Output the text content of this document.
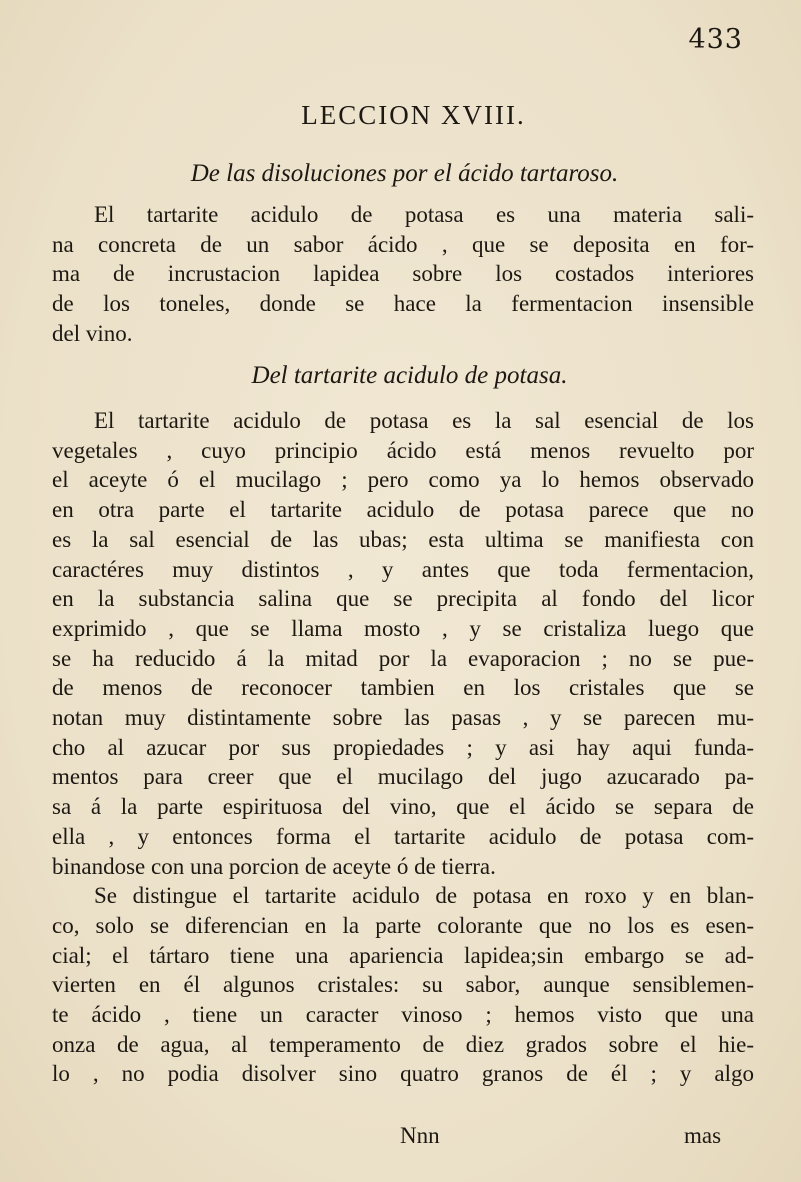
433
LECCION XVIII.
De las disoluciones por el ácido tartaroso.
El tartarite acidulo de potasa es una materia sali-
na concreta de un sabor ácido , que se deposita en for-
ma de incrustacion lapidea sobre los costados interiores
de los toneles, donde se hace la fermentacion insensible
del vino.
Del tartarite acidulo de potasa.
El tartarite acidulo de potasa es la sal esencial de los
vegetales , cuyo principio ácido está menos revuelto por
el aceyte ó el mucilago ; pero como ya lo hemos observado
en otra parte el tartarite acidulo de potasa parece que no
es la sal esencial de las ubas; esta ultima se manifiesta con
caractéres muy distintos , y antes que toda fermentacion,
en la substancia salina que se precipita al fondo del licor
exprimido , que se llama mosto , y se cristaliza luego que
se ha reducido á la mitad por la evaporacion ; no se pue-
de menos de reconocer tambien en los cristales que se
notan muy distintamente sobre las pasas , y se parecen mu-
cho al azucar por sus propiedades ; y asi hay aqui funda-
mentos para creer que el mucilago del jugo azucarado pa-
sa á la parte espirituosa del vino, que el ácido se separa de
ella , y entonces forma el tartarite acidulo de potasa com-
binandose con una porcion de aceyte ó de tierra.
Se distingue el tartarite acidulo de potasa en roxo y en blan-
co, solo se diferencian en la parte colorante que no los es esen-
cial; el tártaro tiene una apariencia lapidea;sin embargo se ad-
vierten en él algunos cristales: su sabor, aunque sensiblemen-
te ácido , tiene un caracter vinoso ; hemos visto que una
onza de agua, al temperamento de diez grados sobre el hie-
lo , no podia disolver sino quatro granos de él ; y algo
Nnn	mas
